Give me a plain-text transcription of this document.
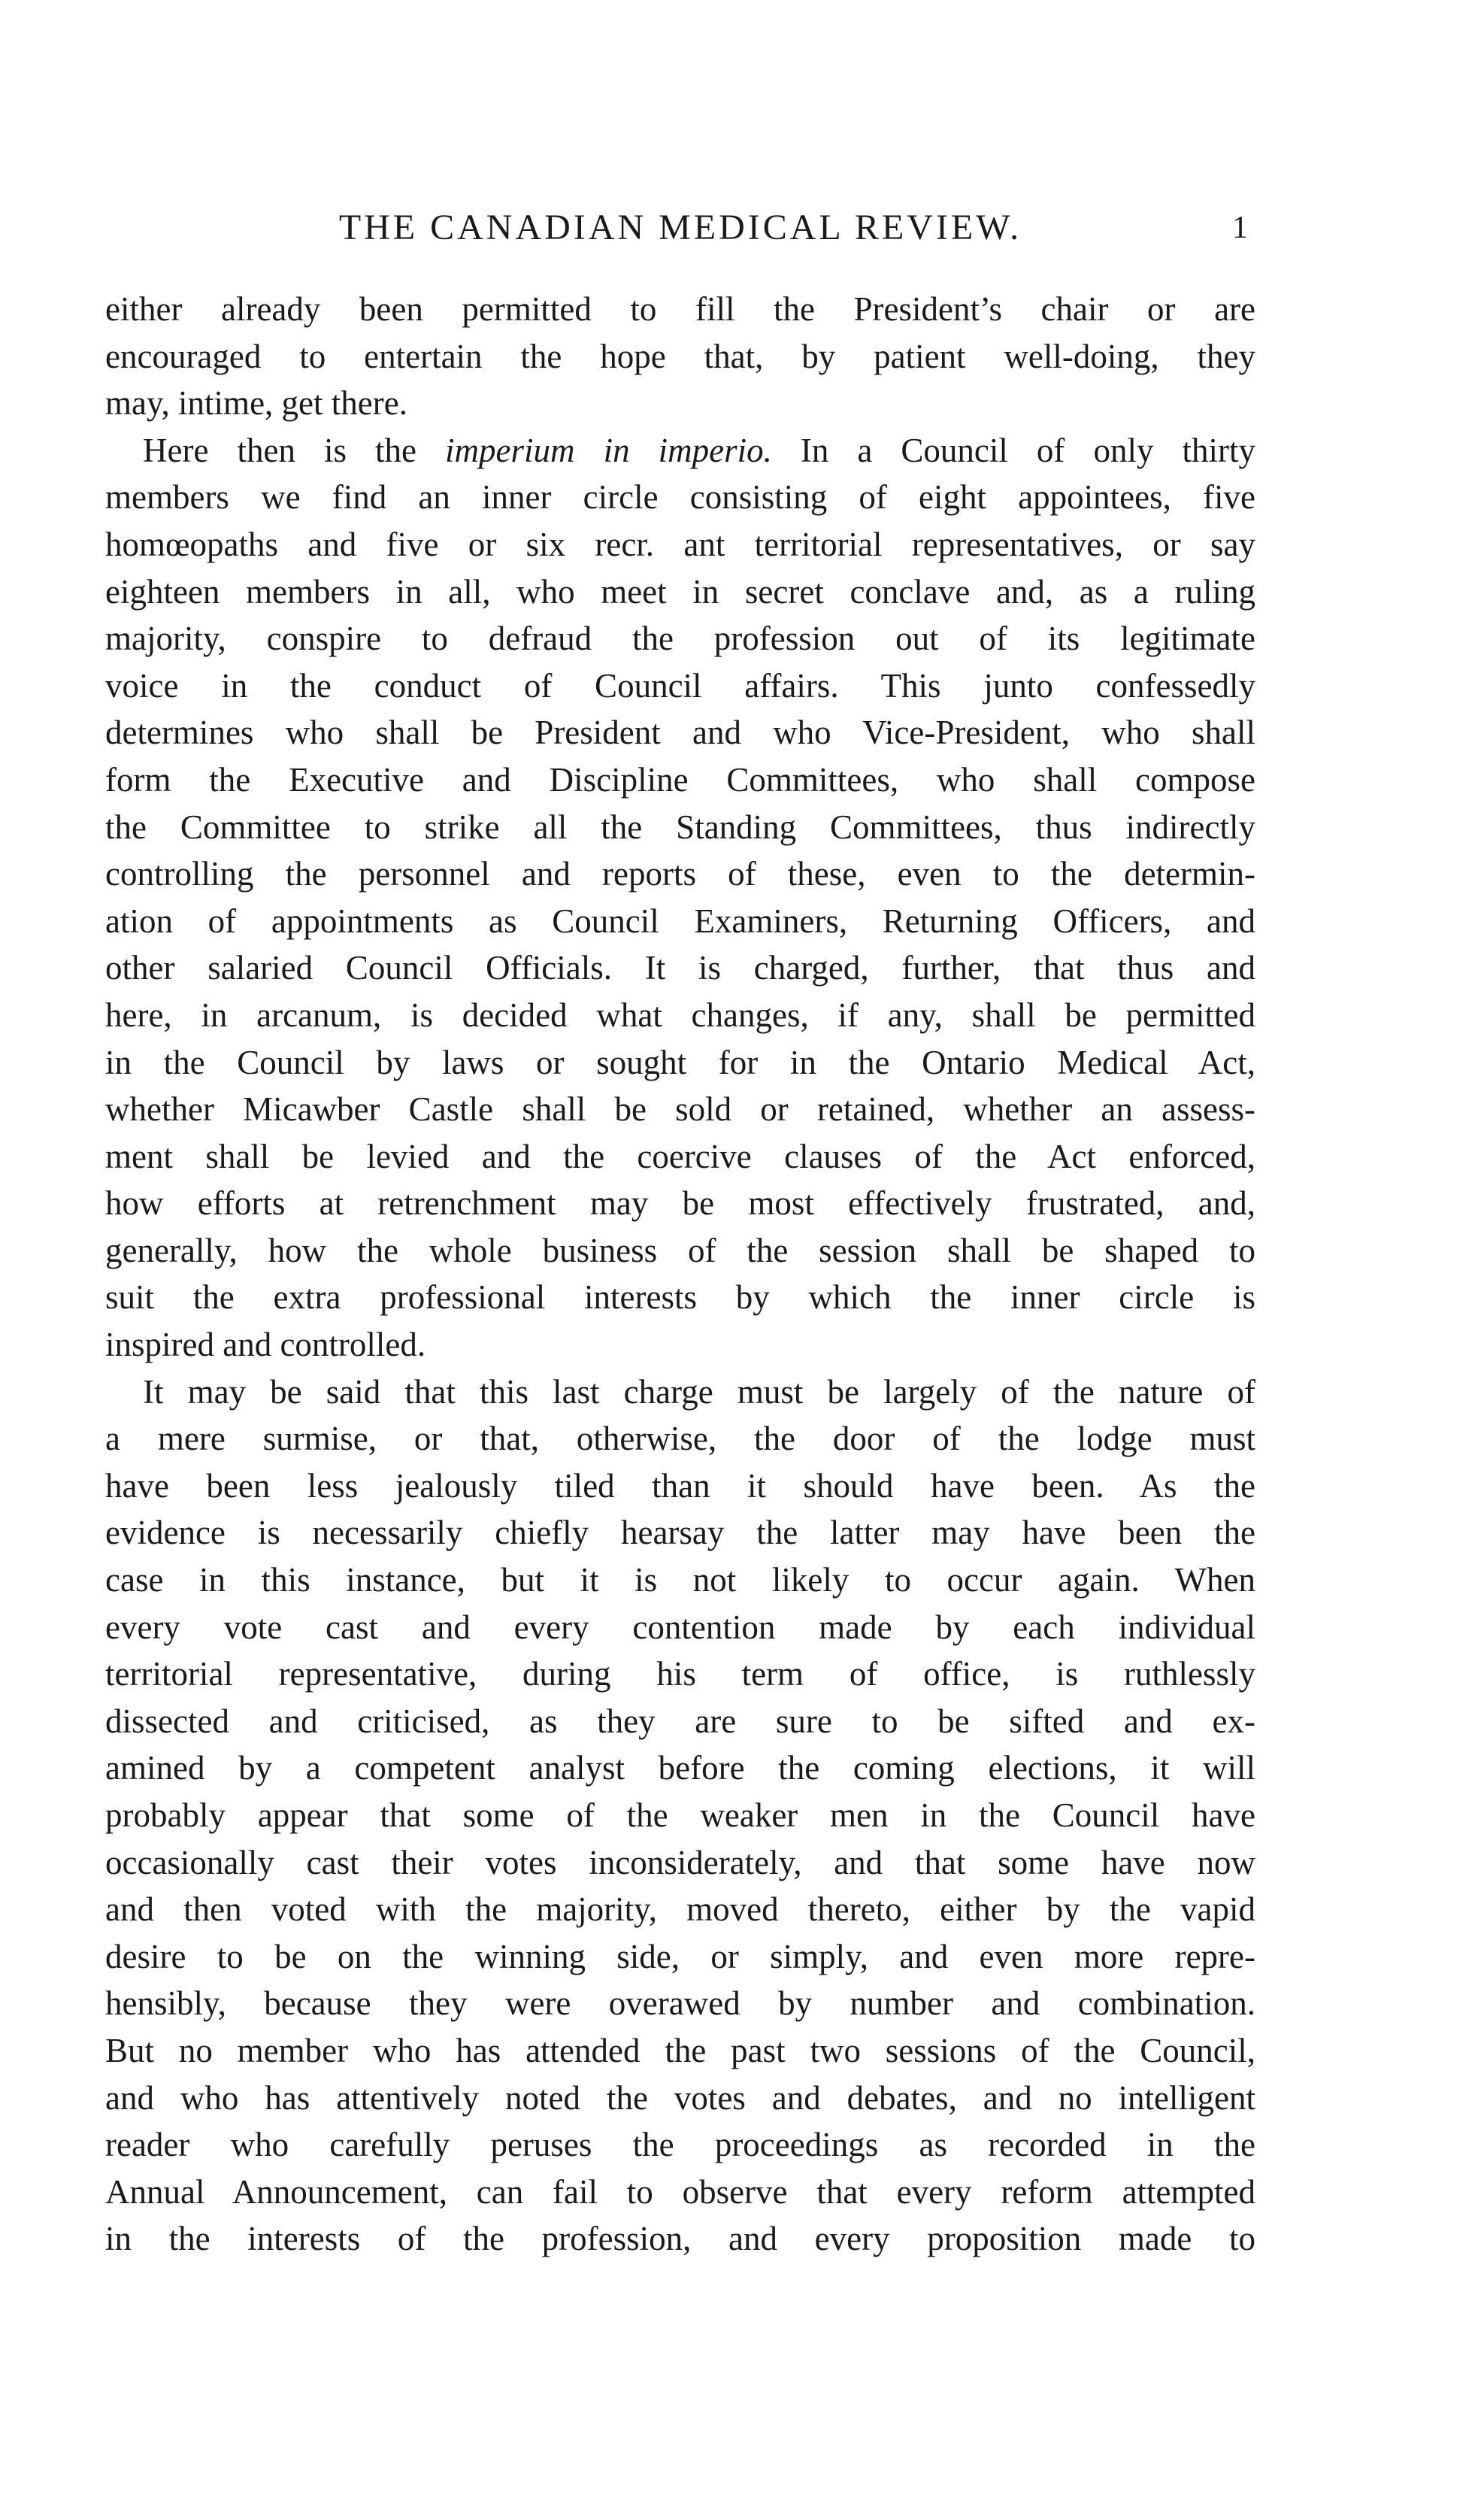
THE CANADIAN MEDICAL REVIEW.	1
either already been permitted to fill the President’s chair or are
encouraged to entertain the hope that, by patient well-doing, they
may, intime, get there.
Here then is the imperium in imperio. In a Council of only thirty
members we find an inner circle consisting of eight appointees, five
homœopaths and five or six recr. ant territorial representatives, or say
eighteen members in all, who meet in secret conclave and, as a ruling
majority, conspire to defraud the profession out of its legitimate
voice in the conduct of Council affairs. This junto confessedly
determines who shall be President and who Vice-President, who shall
form the Executive and Discipline Committees, who shall compose
the Committee to strike all the Standing Committees, thus indirectly
controlling the personnel and reports of these, even to the determin-
ation of appointments as Council Examiners, Returning Officers, and
other salaried Council Officials. It is charged, further, that thus and
here, in arcanum, is decided what changes, if any, shall be permitted
in the Council by laws or sought for in the Ontario Medical Act,
whether Micawber Castle shall be sold or retained, whether an assess-
ment shall be levied and the coercive clauses of the Act enforced,
how efforts at retrenchment may be most effectively frustrated, and,
generally, how the whole business of the session shall be shaped to
suit the extra professional interests by which the inner circle is
inspired and controlled.
It may be said that this last charge must be largely of the nature of
a mere surmise, or that, otherwise, the door of the lodge must
have been less jealously tiled than it should have been. As the
evidence is necessarily chiefly hearsay the latter may have been the
case in this instance, but it is not likely to occur again. When
every vote cast and every contention made by each individual
territorial representative, during his term of office, is ruthlessly
dissected and criticised, as they are sure to be sifted and ex-
amined by a competent analyst before the coming elections, it will
probably appear that some of the weaker men in the Council have
occasionally cast their votes inconsiderately, and that some have now
and then voted with the majority, moved thereto, either by the vapid
desire to be on the winning side, or simply, and even more repre-
hensibly, because they were overawed by number and combination.
But no member who has attended the past two sessions of the Council,
and who has attentively noted the votes and debates, and no intelligent
reader who carefully peruses the proceedings as recorded in the
Annual Announcement, can fail to observe that every reform attempted
in the interests of the profession, and every proposition made to
